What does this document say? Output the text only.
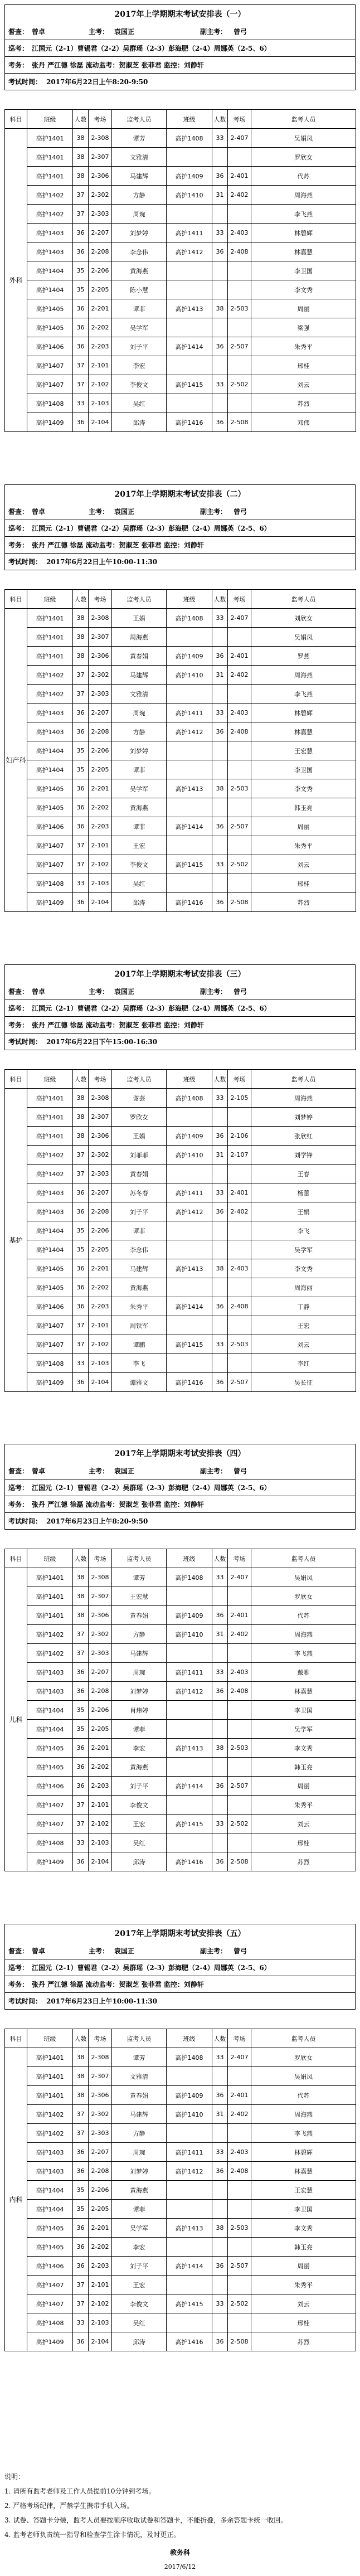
2017年上学期期末考试安排表（一）
督查： 曾卓	主考： 袁国正	副主考： 曾弓
巡考： 江国元（2-1）曹锡君（2-2）吴群瑶（2-3）彭海肥（2-4）周娜英（2-5、6）
考务： 张丹 严江德 徐磊 流动监考：贺淑芝 张菲君 监控：刘静轩
考试时间： 2017年6月22日上午8:20-9:50
科目	班级	人数	考场	监考人员	班级	人数	考场	监考人员
外科	高护1401	38	2-308	谭芳	高护1408	33	2-407	吴娟凤
	高护1401	38	2-307	文雅清				罗欣女
	高护1401	38	2-306	马建辉	高护1409	36	2-401	代苏
	高护1402	37	2-302	方静	高护1410	31	2-402	周海燕
	高护1402	37	2-303	周琬				李飞燕
	高护1403	36	2-207	刘梦婷	高护1411	33	2-403	林碧辉
	高护1403	36	2-208	李念伟	高护1412	36	2-408	林嘉慧
	高护1404	35	2-206	黄海燕				李卫国
	高护1404	35	2-205	陈小慧				李文秀
	高护1405	36	2-201	谭菲	高护1413	38	2-503	周丽
	高护1405	36	2-202	吴学军				梁强
	高护1406	36	2-203	刘子平	高护1414	36	2-507	朱秀平
	高护1407	37	2-101	李宏				邢桂
	高护1407	37	2-102	李俊文	高护1415	33	2-502	刘云
	高护1408	33	2-103	吴红				苏烈
	高护1409	36	2-104	邱涛	高护1416	36	2-508	邓伟
2017年上学期期末考试安排表（二）
督查： 曾卓	主考： 袁国正	副主考： 曾弓
巡考： 江国元（2-1）曹锡君（2-2）吴群瑶（2-3）彭海肥（2-4）周娜英（2-5、6）
考务： 张丹 严江德 徐磊 流动监考：贺淑芝 张菲君 监控：刘静轩
考试时间： 2017年6月22日上午10:00-11:30
科目	班级	人数	考场	监考人员	班级	人数	考场	监考人员
妇产科	高护1401	38	2-308	王娟	高护1408	33	2-407	刘欣女
	高护1401	38	2-307	周海燕				吴娟凤
	高护1401	38	2-306	黄春娟	高护1409	36	2-401	罗燕
	高护1402	37	2-302	马建辉	高护1410	31	2-402	周海燕
	高护1402	37	2-303	文雅清				李飞燕
	高护1403	36	2-207	周琬	高护1411	33	2-403	林碧辉
	高护1403	36	2-208	方静	高护1412	36	2-408	林嘉慧
	高护1404	35	2-206	刘梦婷				王宏慧
	高护1404	35	2-205	谭菲				李卫国
	高护1405	36	2-201	吴学军	高护1413	38	2-503	李文秀
	高护1405	36	2-202	黄海燕				韩玉亮
	高护1406	36	2-203	谭菲	高护1414	36	2-507	周丽
	高护1407	37	2-101	王宏				朱秀平
	高护1407	37	2-102	李俊文	高护1415	33	2-502	刘云
	高护1408	33	2-103	吴红				邢桂
	高护1409	36	2-104	邱涛	高护1416	36	2-508	苏烈
2017年上学期期末考试安排表（三）
督查： 曾卓	主考： 袁国正	副主考： 曾弓
巡考： 江国元（2-1）曹锡君（2-2）吴群瑶（2-3）彭海肥（2-4）周娜英（2-5、6）
考务： 张丹 严江德 徐磊 流动监考：贺淑芝 张菲君 监控：刘静轩
考试时间： 2017年6月22日下午15:00-16:30
科目	班级	人数	考场	监考人员	班级	人数	考场	监考人员
基护	高护1401	38	2-308	谢芸	高护1408	33	2-105	周海燕
	高护1401	38	2-307	罗欣女				刘梦婷
	高护1401	38	2-306	王娟	高护1409	36	2-106	张欣红
	高护1402	37	2-302	刘菲菲	高护1410	31	2-107	刘学锋
	高护1402	37	2-303	黄春娟				王春
	高护1403	36	2-207	苏冬春	高护1411	33	2-401	杨蕾
	高护1403	36	2-208	刘子平	高护1412	36	2-402	王娟
	高护1404	35	2-206	谭菲				李飞
	高护1404	35	2-205	李念伟				吴学军
	高护1405	36	2-201	马建辉	高护1413	38	2-403	李文秀
	高护1405	36	2-202	黄海燕				周海丽
	高护1406	36	2-203	朱秀平	高护1414	36	2-408	丁静
	高护1407	37	2-101	周铁军				王宏
	高护1407	37	2-102	谭鹏	高护1415	33	2-503	刘云
	高护1408	33	2-103	李飞				李红
	高护1409	36	2-104	谭雅文	高护1416	36	2-507	吴长征
2017年上学期期末考试安排表（四）
督查： 曾卓	主考： 袁国正	副主考： 曾弓
巡考： 江国元（2-1）曹锡君（2-2）吴群瑶（2-3）彭海肥（2-4）周娜英（2-5、6）
考务： 张丹 严江德 徐磊 流动监考：贺淑芝 张菲君 监控：刘静轩
考试时间： 2017年6月23日上午8:20-9:50
科目	班级	人数	考场	监考人员	班级	人数	考场	监考人员
儿科	高护1401	38	2-308	谭芳	高护1408	33	2-407	吴娟凤
	高护1401	38	2-307	王宏慧				罗欣女
	高护1401	38	2-306	黄春娟	高护1409	36	2-401	代苏
	高护1402	37	2-302	方静	高护1410	31	2-402	周海燕
	高护1402	37	2-303	马建辉				李飞燕
	高护1403	36	2-207	周琬	高护1411	33	2-403	戴雅
	高护1403	36	2-208	刘梦婷	高护1412	36	2-408	林嘉慧
	高护1404	35	2-206	肖炜婷				李卫国
	高护1404	35	2-205	谭菲				吴学军
	高护1405	36	2-201	李宏	高护1413	38	2-503	李文秀
	高护1405	36	2-202	黄海燕				韩玉亮
	高护1406	36	2-203	刘子平	高护1414	36	2-507	周丽
	高护1407	37	2-101	李俊文				朱秀平
	高护1407	37	2-102	王宏	高护1415	33	2-502	刘云
	高护1408	33	2-103	吴红				邢桂
	高护1409	36	2-104	邱涛	高护1416	36	2-508	苏烈
2017年上学期期末考试安排表（五）
督查： 曾卓	主考： 袁国正	副主考： 曾弓
巡考： 江国元（2-1）曹锡君（2-2）吴群瑶（2-3）彭海肥（2-4）周娜英（2-5、6）
考务： 张丹 严江德 徐磊 流动监考：贺淑芝 张菲君 监控：刘静轩
考试时间： 2017年6月23日上午10:00-11:30
科目	班级	人数	考场	监考人员	班级	人数	考场	监考人员
内科	高护1401	38	2-308	谭芳	高护1408	33	2-407	罗欣女
	高护1401	38	2-307	文雅清				吴娟凤
	高护1401	38	2-306	黄春娟	高护1409	36	2-401	代苏
	高护1402	37	2-302	马建辉	高护1410	31	2-402	周海燕
	高护1402	37	2-303	方静				李飞燕
	高护1403	36	2-207	周琬	高护1411	33	2-403	林碧辉
	高护1403	36	2-208	刘梦婷	高护1412	36	2-408	林嘉慧
	高护1404	35	2-206	黄海燕				王宏慧
	高护1404	35	2-205	谭菲				李卫国
	高护1405	36	2-201	吴学军	高护1413	38	2-503	李文秀
	高护1405	36	2-202	李宏				韩玉亮
	高护1406	36	2-203	刘子平	高护1414	36	2-507	周丽
	高护1407	37	2-101	王宏				朱秀平
	高护1407	37	2-102	李俊文	高护1415	33	2-502	刘云
	高护1408	33	2-103	吴红				邢桂
	高护1409	36	2-104	邱涛	高护1416	36	2-508	苏烈
说明：
1. 请所有监考老师及工作人员提前10分钟到考场。
2. 严格考场纪律，严禁学生携带手机入场。
3. 试卷、答题卡分装，监考人员要按顺序收取试卷和答题卡，不能折叠，多余答题卡统一收回。
4. 监考老师负责统一指导和检查学生涂卡情况，及时更正。
教务科
2017/6/12
